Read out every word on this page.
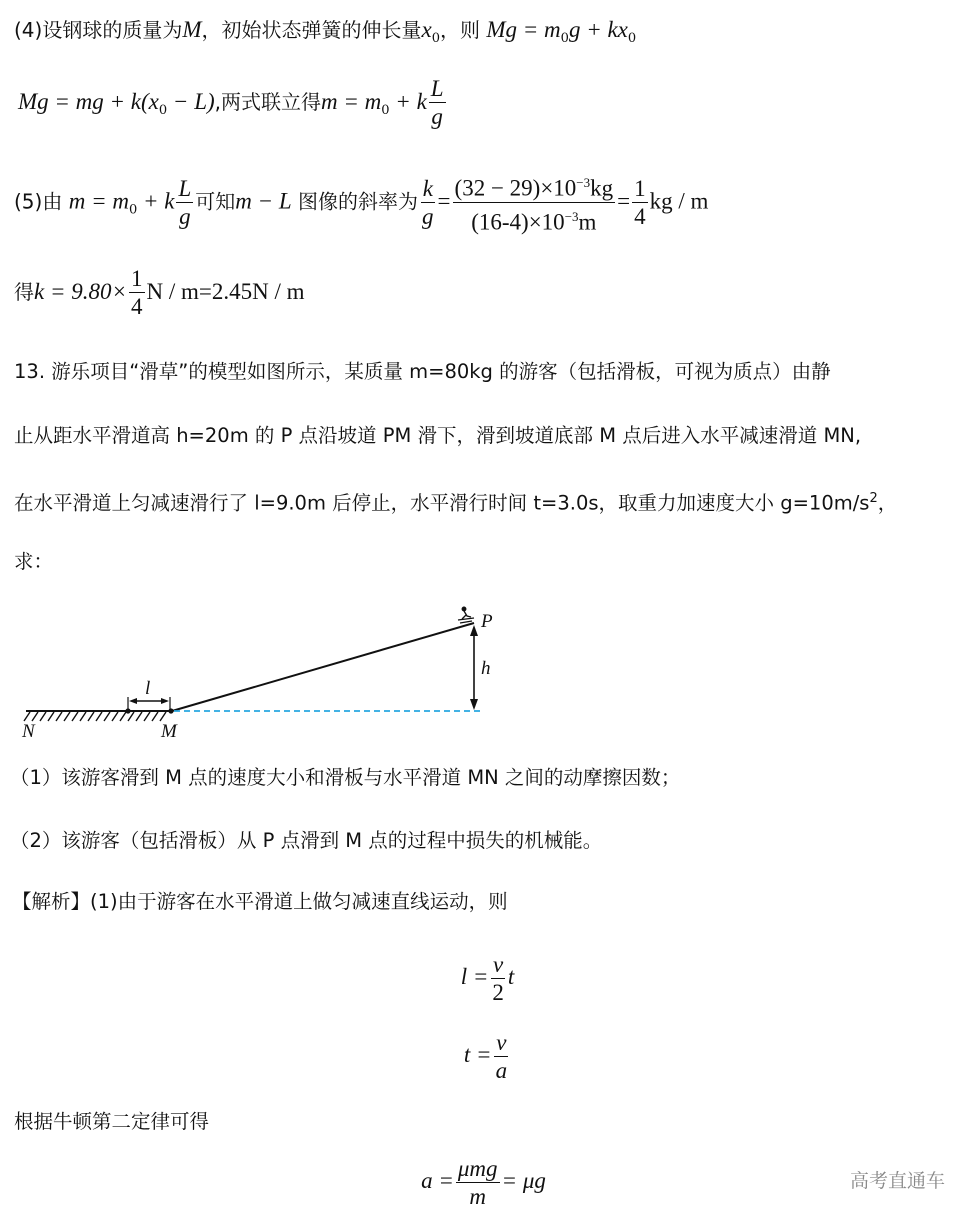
(4)设钢球的质量为M，初始状态弹簧的伸长量$x_0$，则 $Mg = m_0g + kx_0$
Mg = mg + $k(x_0 - L)$,两式联立得$m = m_0 + k \frac{L}{g}$
(5)由 $m = m_0 + k \frac{L}{g}$ 可知m − L 图像的斜率为 $\frac{k}{g} = \frac{(32 - 29)\times 10^{-3}kg}{(16-4)\times 10^{-3}m} = \frac{1}{4}$ kg / m
得$k = 9.80\times \frac{1}{4}$ N / m=2.45N / m
13. 游乐项目“滑草”的模型如图所示，某质量 m=80kg 的游客（包括滑板，可视为质点）由静
止从距水平滑道高 h=20m 的 P 点沿坡道 PM 滑下，滑到坡道底部 M 点后进入水平减速滑道 MN,
在水平滑道上匀减速滑行了 l=9.0m 后停止，水平滑行时间 t=3.0s，取重力加速度大小 $g=10m/s^2$，
求：
P
h
l
N	M
（1）该游客滑到 M 点的速度大小和滑板与水平滑道 MN 之间的动摩擦因数；
（2）该游客（包括滑板）从 P 点滑到 M 点的过程中损失的机械能。
【解析】(1)由于游客在水平滑道上做匀减速直线运动，则
$l = \frac{v}{2}$ t
$t = \frac{v}{a}$
根据牛顿第二定律可得
$a = \frac{\text{μmg}}{m} = \mu g$	高考直通车
